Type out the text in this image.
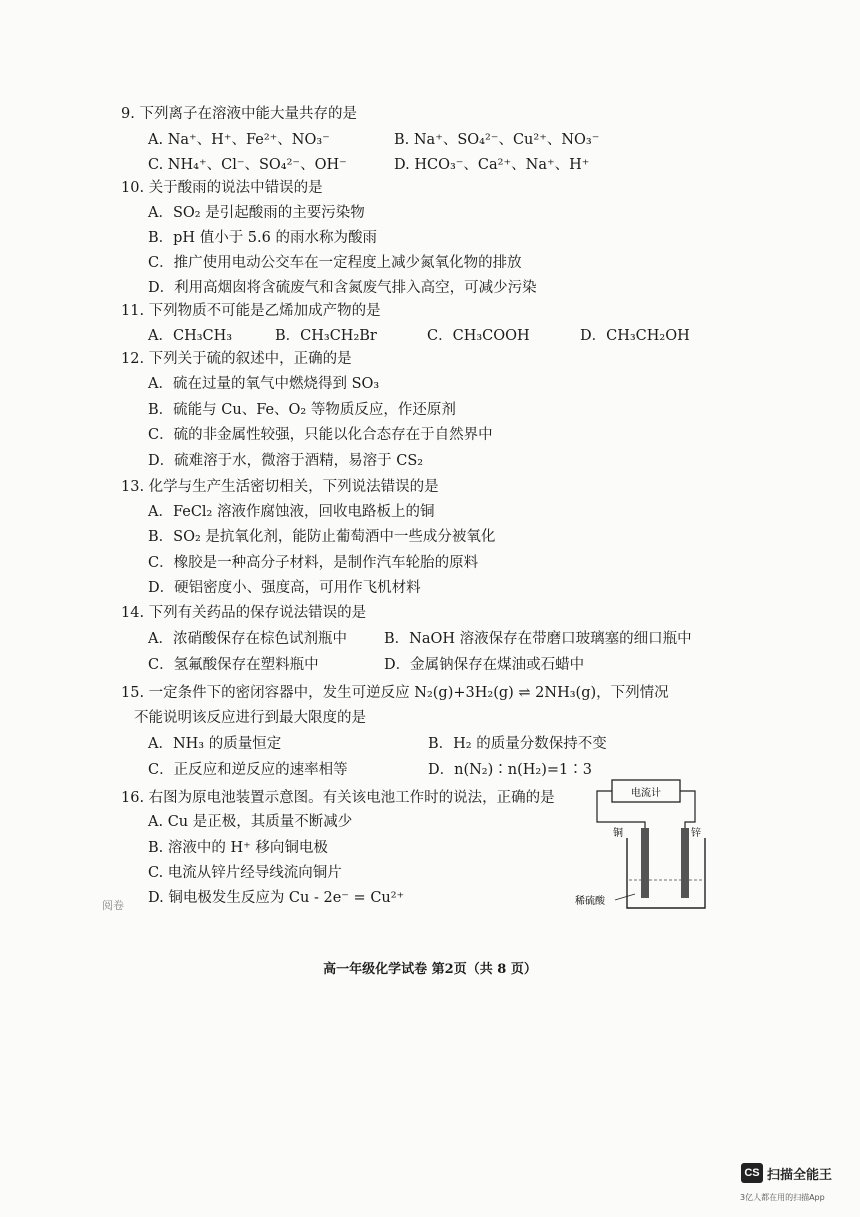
9. 下列离子在溶液中能大量共存的是
A. Na⁺、H⁺、Fe²⁺、NO₃⁻	B. Na⁺、SO₄²⁻、Cu²⁺、NO₃⁻
C. NH₄⁺、Cl⁻、SO₄²⁻、OH⁻	D. HCO₃⁻、Ca²⁺、Na⁺、H⁺
10. 关于酸雨的说法中错误的是
A．SO₂ 是引起酸雨的主要污染物
B．pH 值小于 5.6 的雨水称为酸雨
C．推广使用电动公交车在一定程度上减少氮氧化物的排放
D．利用高烟囱将含硫废气和含氮废气排入高空，可减少污染
11. 下列物质不可能是乙烯加成产物的是
A．CH₃CH₃	B．CH₃CH₂Br	C．CH₃COOH	D．CH₃CH₂OH
12. 下列关于硫的叙述中，正确的是
A．硫在过量的氧气中燃烧得到 SO₃
B．硫能与 Cu、Fe、O₂ 等物质反应，作还原剂
C．硫的非金属性较强，只能以化合态存在于自然界中
D．硫难溶于水，微溶于酒精，易溶于 CS₂
13. 化学与生产生活密切相关，下列说法错误的是
A．FeCl₂ 溶液作腐蚀液，回收电路板上的铜
B．SO₂ 是抗氧化剂，能防止葡萄酒中一些成分被氧化
C．橡胶是一种高分子材料，是制作汽车轮胎的原料
D．硬铝密度小、强度高，可用作飞机材料
14. 下列有关药品的保存说法错误的是
A．浓硝酸保存在棕色试剂瓶中	B．NaOH 溶液保存在带磨口玻璃塞的细口瓶中
C．氢氟酸保存在塑料瓶中	D．金属钠保存在煤油或石蜡中
15. 一定条件下的密闭容器中，发生可逆反应 N₂(g)+3H₂(g) ⇌ 2NH₃(g)，下列情况
不能说明该反应进行到最大限度的是
A．NH₃ 的质量恒定	B．H₂ 的质量分数保持不变
C．正反应和逆反应的速率相等	D．n(N₂)∶n(H₂)=1∶3
16. 右图为原电池装置示意图。有关该电池工作时的说法，正确的是
A. Cu 是正极，其质量不断减少
B. 溶液中的 H⁺ 移向铜电极
C. 电流从锌片经导线流向铜片
D. 铜电极发生反应为 Cu - 2e⁻ = Cu²⁺
电流计
铜	锌
稀硫酸
阅卷
高一年级化学试卷 第2页（共 8 页）
CS 扫描全能王
3亿人都在用的扫描App
